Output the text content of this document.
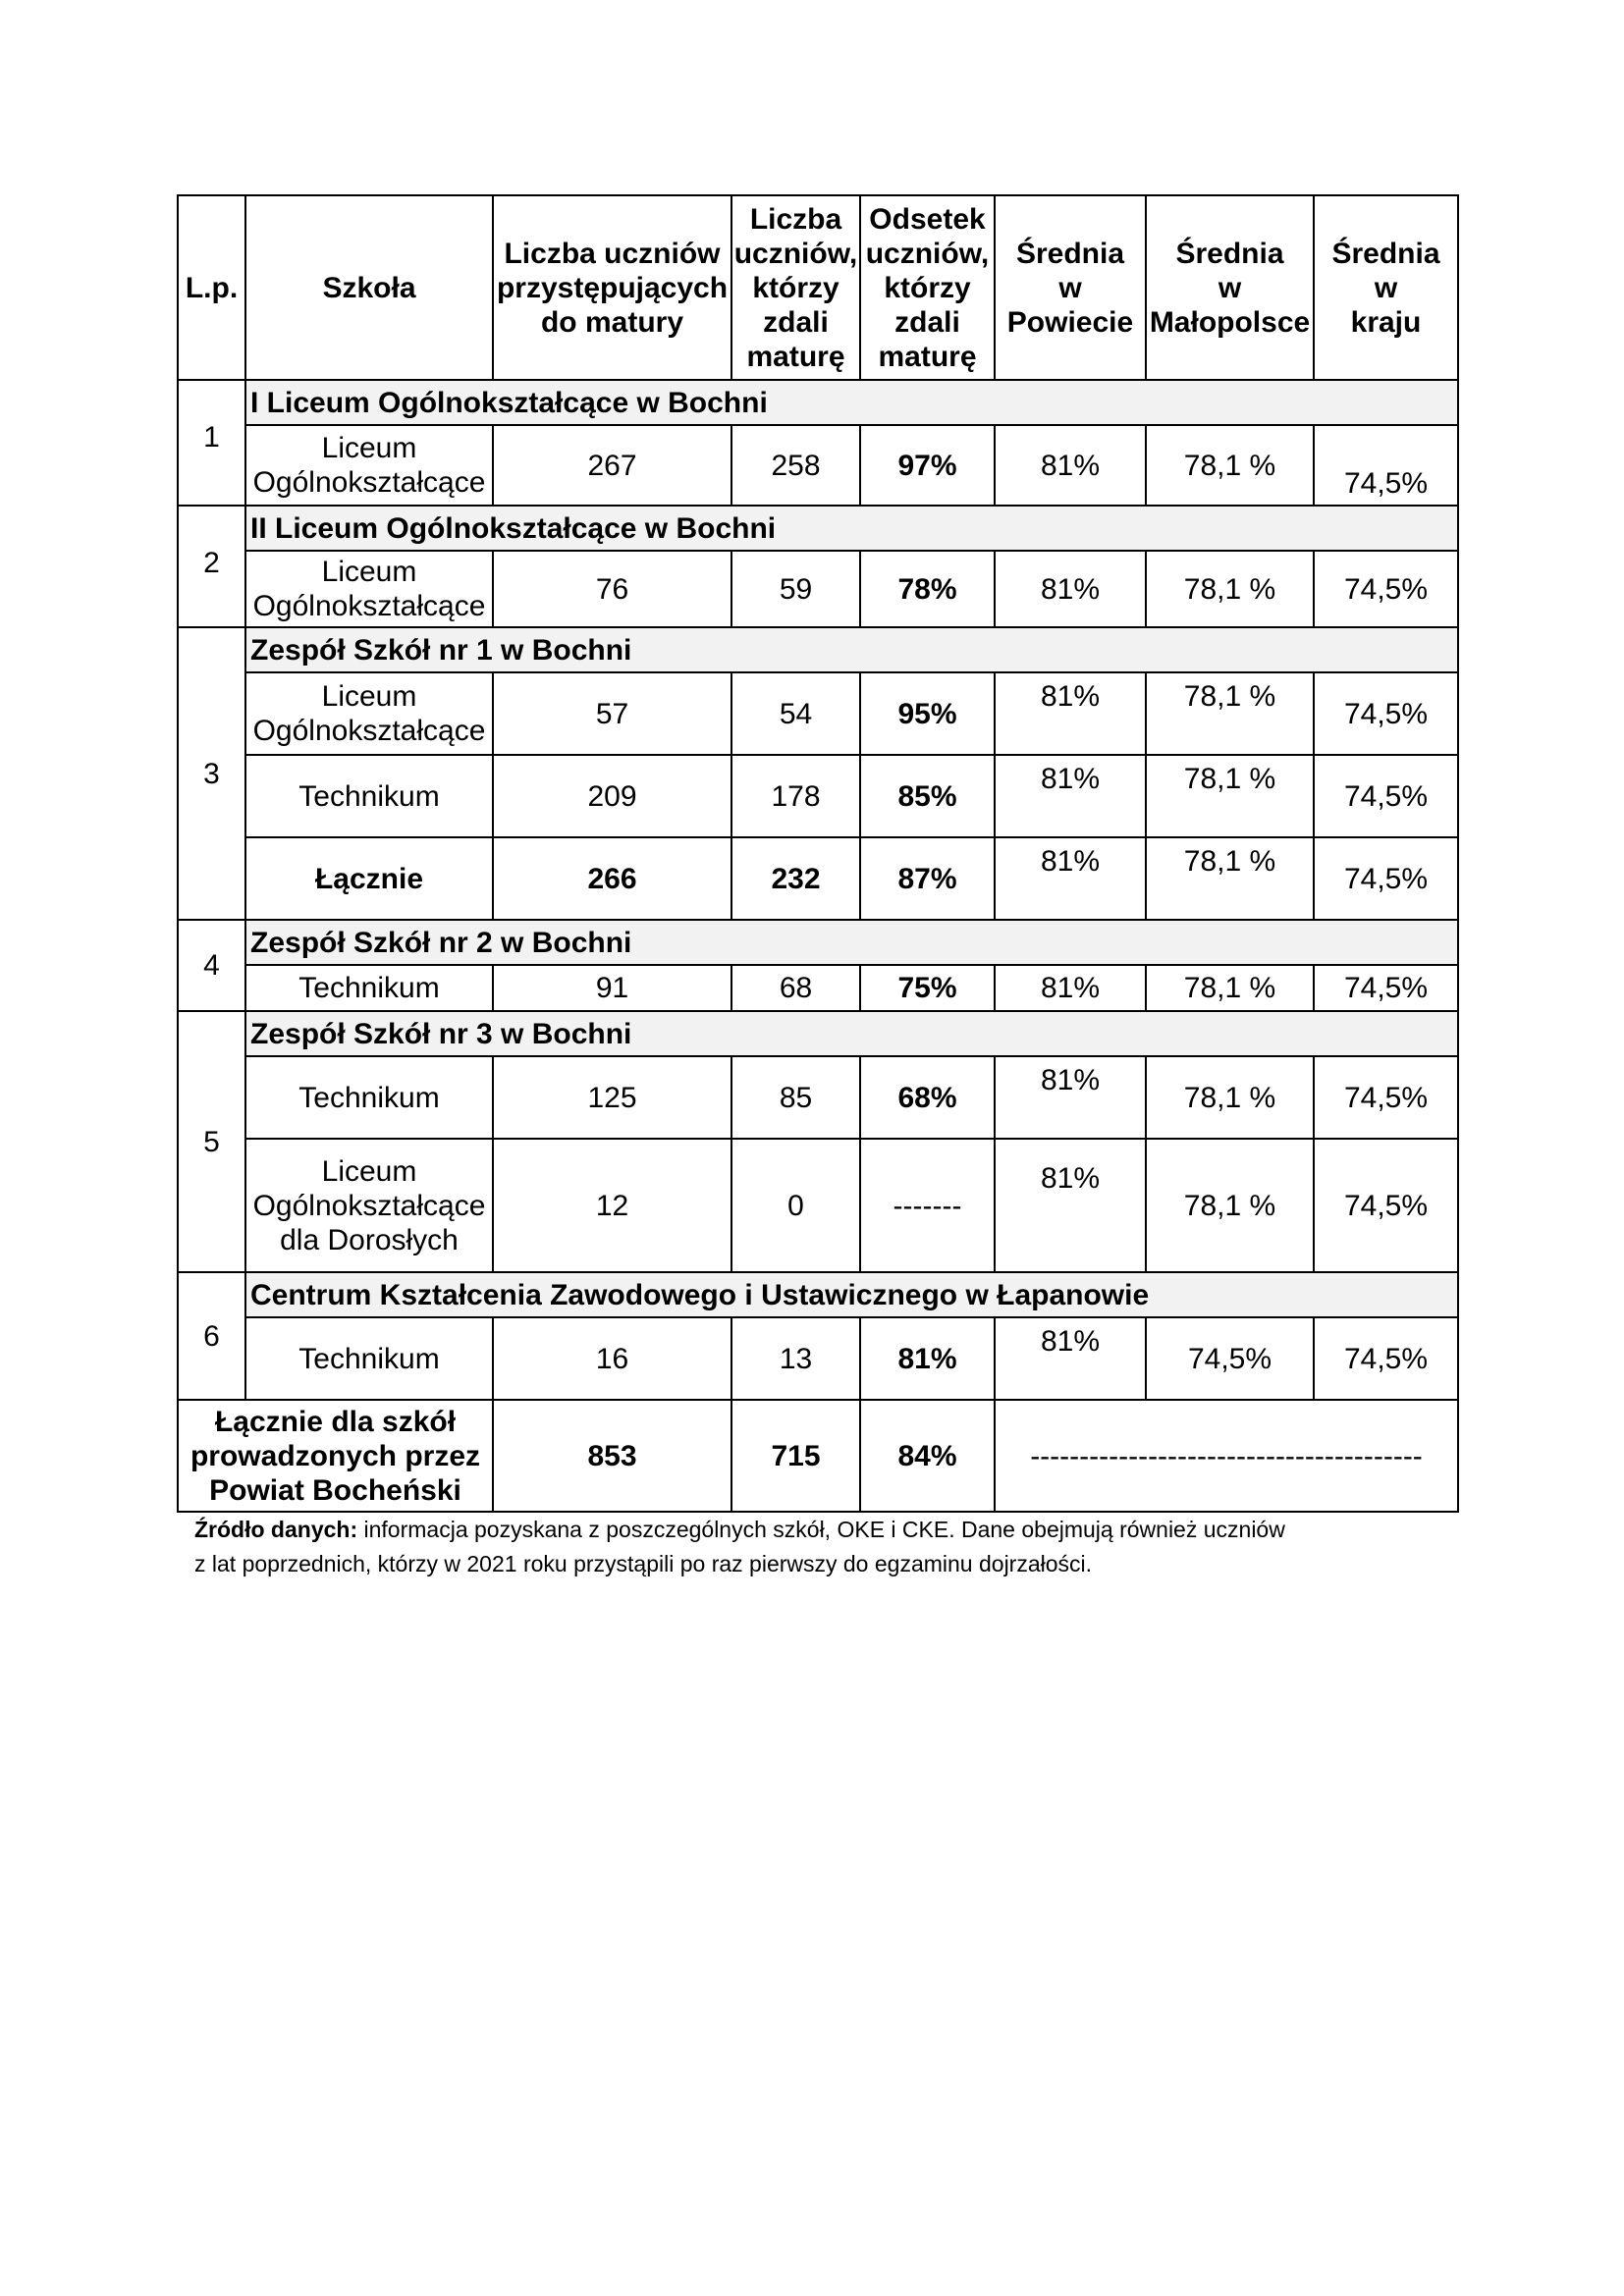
L.p.	Szkoła	Liczba uczniów
przystępujących
do matury	Liczba
uczniów,
którzy
zdali
maturę	Odsetek
uczniów,
którzy
zdali
maturę	Średnia
w
Powiecie	Średnia
w
Małopolsce	Średnia
w
kraju

1	I Liceum Ogólnokształcące w Bochni						

	Liceum
Ogólnokształcące	267	258	97%	81%	78,1 %	74,5%
2	II Liceum Ogólnokształcące w Bochni						

	Liceum
Ogólnokształcące	76	59	78%	81%	78,1 %	74,5%
3	Zespół Szkół nr 1 w Bochni						

	Liceum
Ogólnokształcące	57	54	95%	81%	78,1 %	74,5%
	Technikum	209	178	85%	81%	78,1 %	74,5%
	Łącznie	266	232	87%	81%	78,1 %	74,5%
4	Zespół Szkół nr 2 w Bochni						
	Technikum	91	68	75%	81%	78,1 %	74,5%
5	Zespół Szkół nr 3 w Bochni						
	Technikum	125	85	68%	81%	78,1 %	74,5%

	Liceum
Ogólnokształcące
dla Dorosłych	12	0	-------	81%	78,1 %	74,5%
6	Centrum Kształcenia Zawodowego i Ustawicznego w Łapanowie						
	Technikum	16	13	81%	81%	74,5%	74,5%

Łącznie dla szkół
prowadzonych przez
Powiat Bocheński		853	715	84%	----------------------------------------		

Źródło danych: informacja pozyskana z poszczególnych szkół, OKE i CKE. Dane obejmują również uczniów
z lat poprzednich, którzy w 2021 roku przystąpili po raz pierwszy do egzaminu dojrzałości.
